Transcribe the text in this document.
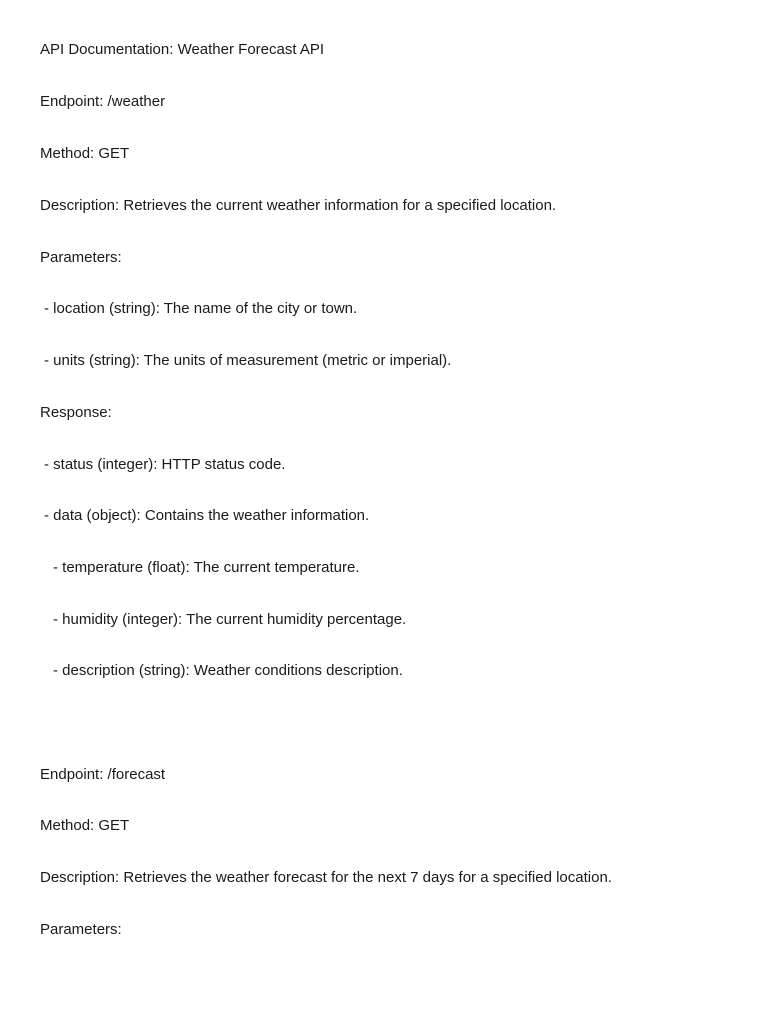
API Documentation: Weather Forecast API
Endpoint: /weather
Method: GET
Description: Retrieves the current weather information for a specified location.
Parameters:
- location (string): The name of the city or town.
- units (string): The units of measurement (metric or imperial).
Response:
- status (integer): HTTP status code.
- data (object): Contains the weather information.
- temperature (float): The current temperature.
- humidity (integer): The current humidity percentage.
- description (string): Weather conditions description.
Endpoint: /forecast
Method: GET
Description: Retrieves the weather forecast for the next 7 days for a specified location.
Parameters:
